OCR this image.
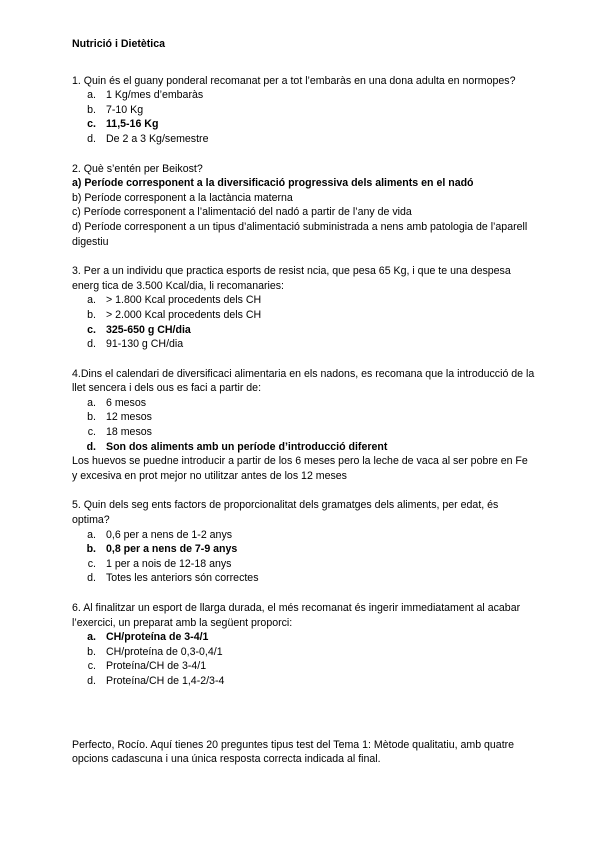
Nutrició i Dietètica

1. Quin és el guany ponderal recomanat per a tot l’embaràs en una dona adulta en normopes?

a. 1 Kg/mes d’embaràs
b. 7-10 Kg
c. 11,5-16 Kg
d. De 2 a 3 Kg/semestre

2. Què s’entén per Beikost?

a) Període corresponent a la diversificació progressiva dels aliments en el nadó

b) Període corresponent a la lactància materna

c) Període corresponent a l’alimentació del nadó a partir de l’any de vida

d) Període corresponent a un tipus d’alimentació subministrada a nens amb patologia de l’aparell digestiu

3. Per a un individu que practica esports de resist ncia, que pesa 65 Kg, i que te una despesa energ tica de 3.500 Kcal/dia, li recomanaries:

a. > 1.800 Kcal procedents dels CH
b. > 2.000 Kcal procedents dels CH
c. 325-650 g CH/dia
d. 91-130 g CH/dia

4.Dins el calendari de diversificaci alimentaria en els nadons, es recomana que la introducció de la llet sencera i dels ous es faci a partir de:

a. 6 mesos
b. 12 mesos
c. 18 mesos
d. Son dos aliments amb un període d’introducció diferent

Los huevos se puedne introducir a partir de los 6 meses pero la leche de vaca al ser pobre en Fe y excesiva en prot mejor no utilitzar antes de los 12 meses

5. Quin dels seg ents factors de proporcionalitat dels gramatges dels aliments, per edat, és optima?

a. 0,6 per a nens de 1-2 anys
b. 0,8 per a nens de 7-9 anys
c. 1 per a nois de 12-18 anys
d. Totes les anteriors són correctes

6. Al finalitzar un esport de llarga durada, el més recomanat és ingerir immediatament al acabar l’exercici, un preparat amb la següent proporci:

a. CH/proteína de 3-4/1
b. CH/proteína de 0,3-0,4/1
c. Proteína/CH de 3-4/1
d. Proteína/CH de 1,4-2/3-4

Perfecto, Rocío. Aquí tienes 20 preguntes tipus test del Tema 1: Mètode qualitatiu, amb quatre opcions cadascuna i una única resposta correcta indicada al final.
